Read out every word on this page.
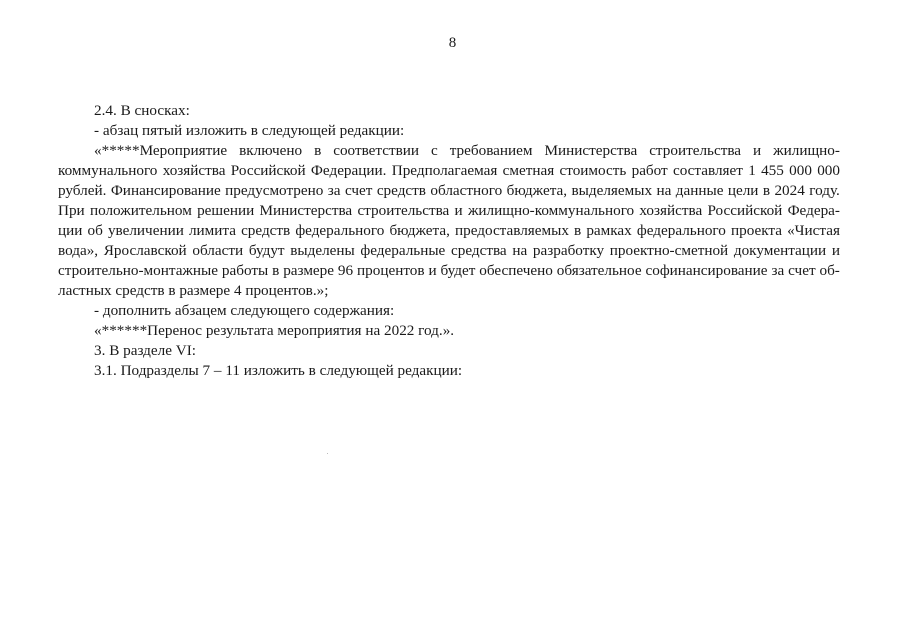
8
2.4. В сносках:
- абзац пятый изложить в следующей редакции:
«*****Мероприятие включено в соответствии с требованием Министерства строительства и жилищно-
коммунального хозяйства Российской Федерации. Предполагаемая сметная стоимость работ составляет 1 455 000 000
рублей. Финансирование предусмотрено за счет средств областного бюджета, выделяемых на данные цели в 2024 году.
При положительном решении Министерства строительства и жилищно-коммунального хозяйства Российской Федера-
ции об увеличении лимита средств федерального бюджета, предоставляемых в рамках федерального проекта «Чистая
вода», Ярославской области будут выделены федеральные средства на разработку проектно-сметной документации и
строительно-монтажные работы в размере 96 процентов и будет обеспечено обязательное софинансирование за счет об-
ластных средств в размере 4 процентов.»;
- дополнить абзацем следующего содержания:
«******Перенос результата мероприятия на 2022 год.».
3. В разделе VI:
3.1. Подразделы 7 – 11 изложить в следующей редакции:
